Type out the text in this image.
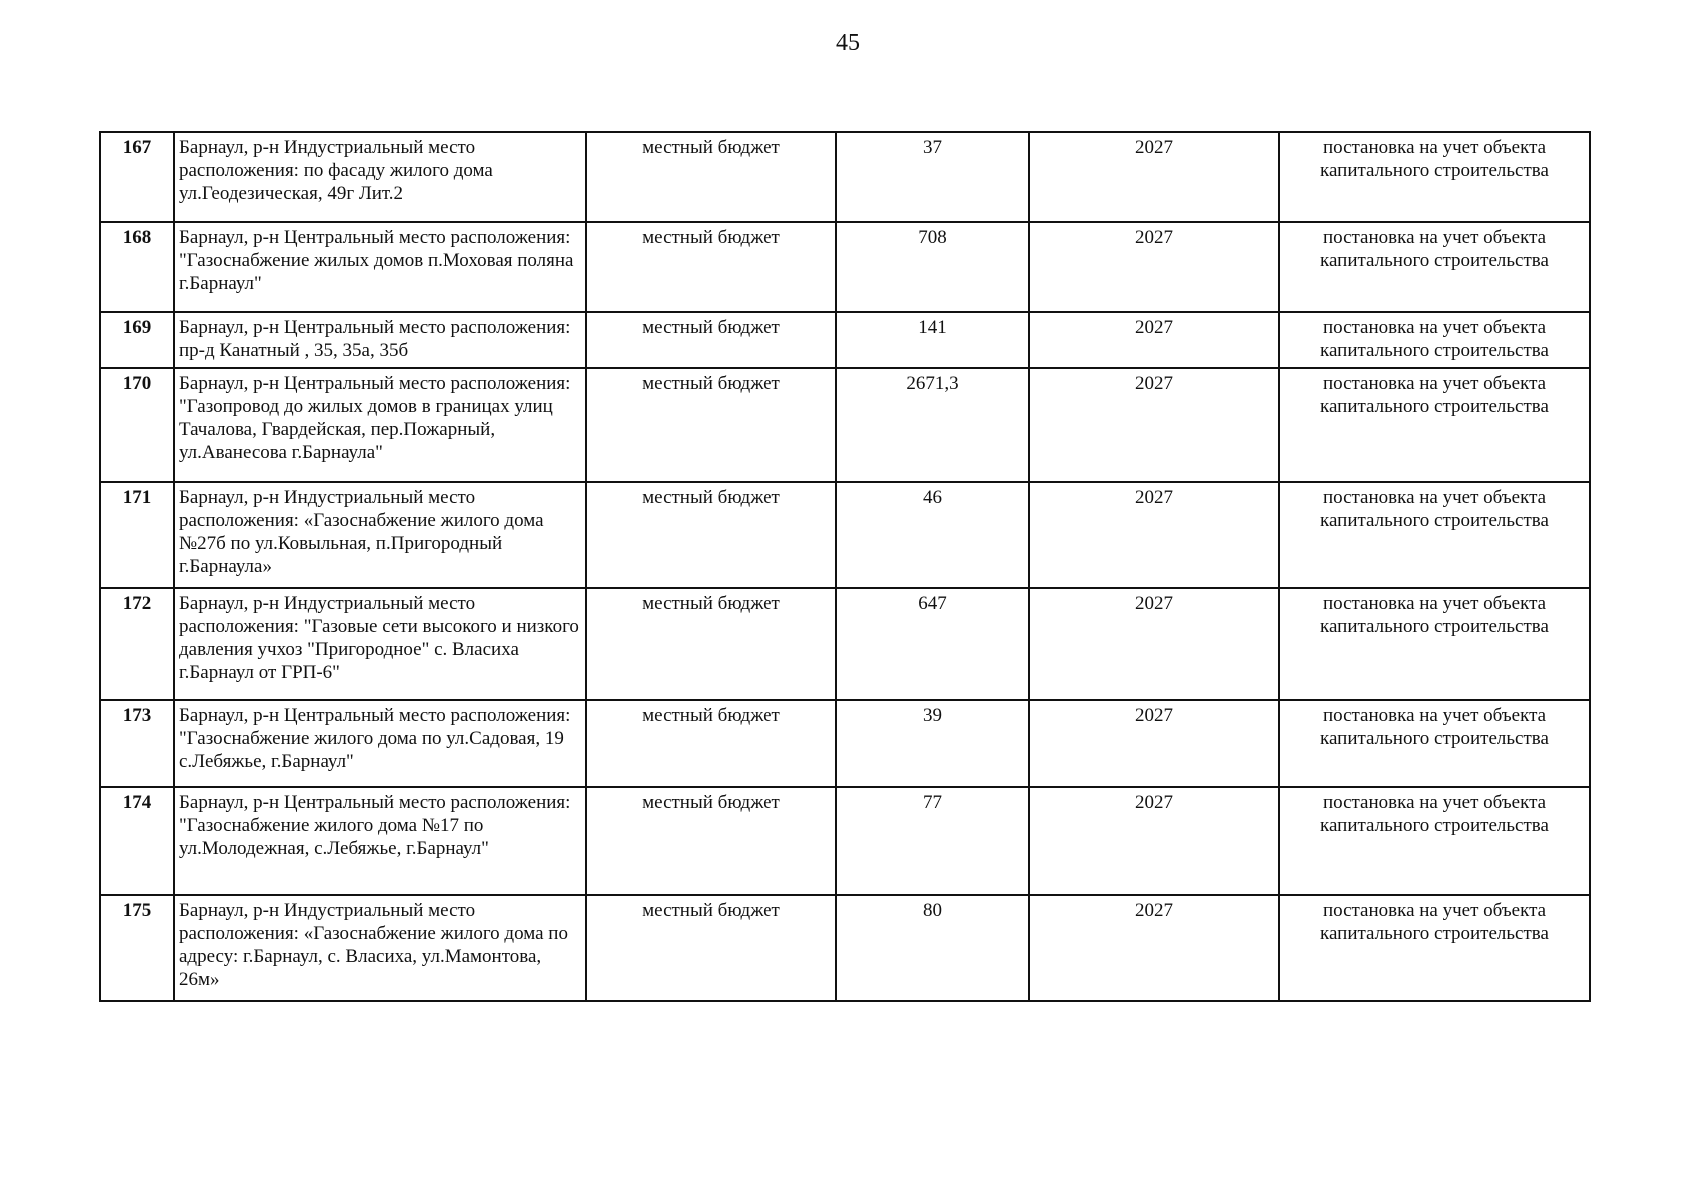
45
167	Барнаул, р-н Индустриальный место расположения: по фасаду жилого дома ул.Геодезическая, 49г Лит.2	местный бюджет	37	2027	постановка на учет объекта капитального строительства
168	Барнаул, р-н Центральный место расположения: "Газоснабжение жилых домов п.Моховая поляна г.Барнаул"	местный бюджет	708	2027	постановка на учет объекта капитального строительства
169	Барнаул, р-н Центральный место расположения: пр-д Канатный , 35, 35а, 35б	местный бюджет	141	2027	постановка на учет объекта капитального строительства
170	Барнаул, р-н Центральный место расположения: "Газопровод до жилых домов в границах улиц Тачалова, Гвардейская, пер.Пожарный, ул.Аванесова г.Барнаула"	местный бюджет	2671,3	2027	постановка на учет объекта капитального строительства
171	Барнаул, р-н Индустриальный место расположения: «Газоснабжение жилого дома №27б по ул.Ковыльная, п.Пригородный г.Барнаула»	местный бюджет	46	2027	постановка на учет объекта капитального строительства
172	Барнаул, р-н Индустриальный место расположения: "Газовые сети высокого и низкого давления учхоз "Пригородное" с. Власиха г.Барнаул от ГРП-6"	местный бюджет	647	2027	постановка на учет объекта капитального строительства
173	Барнаул, р-н Центральный место расположения: "Газоснабжение жилого дома по ул.Садовая, 19 с.Лебяжье, г.Барнаул"	местный бюджет	39	2027	постановка на учет объекта капитального строительства
174	Барнаул, р-н Центральный место расположения: "Газоснабжение жилого дома №17 по ул.Молодежная, с.Лебяжье, г.Барнаул"	местный бюджет	77	2027	постановка на учет объекта капитального строительства
175	Барнаул, р-н Индустриальный место расположения: «Газоснабжение жилого дома по адресу: г.Барнаул, с. Власиха, ул.Мамонтова, 26м»	местный бюджет	80	2027	постановка на учет объекта капитального строительства
